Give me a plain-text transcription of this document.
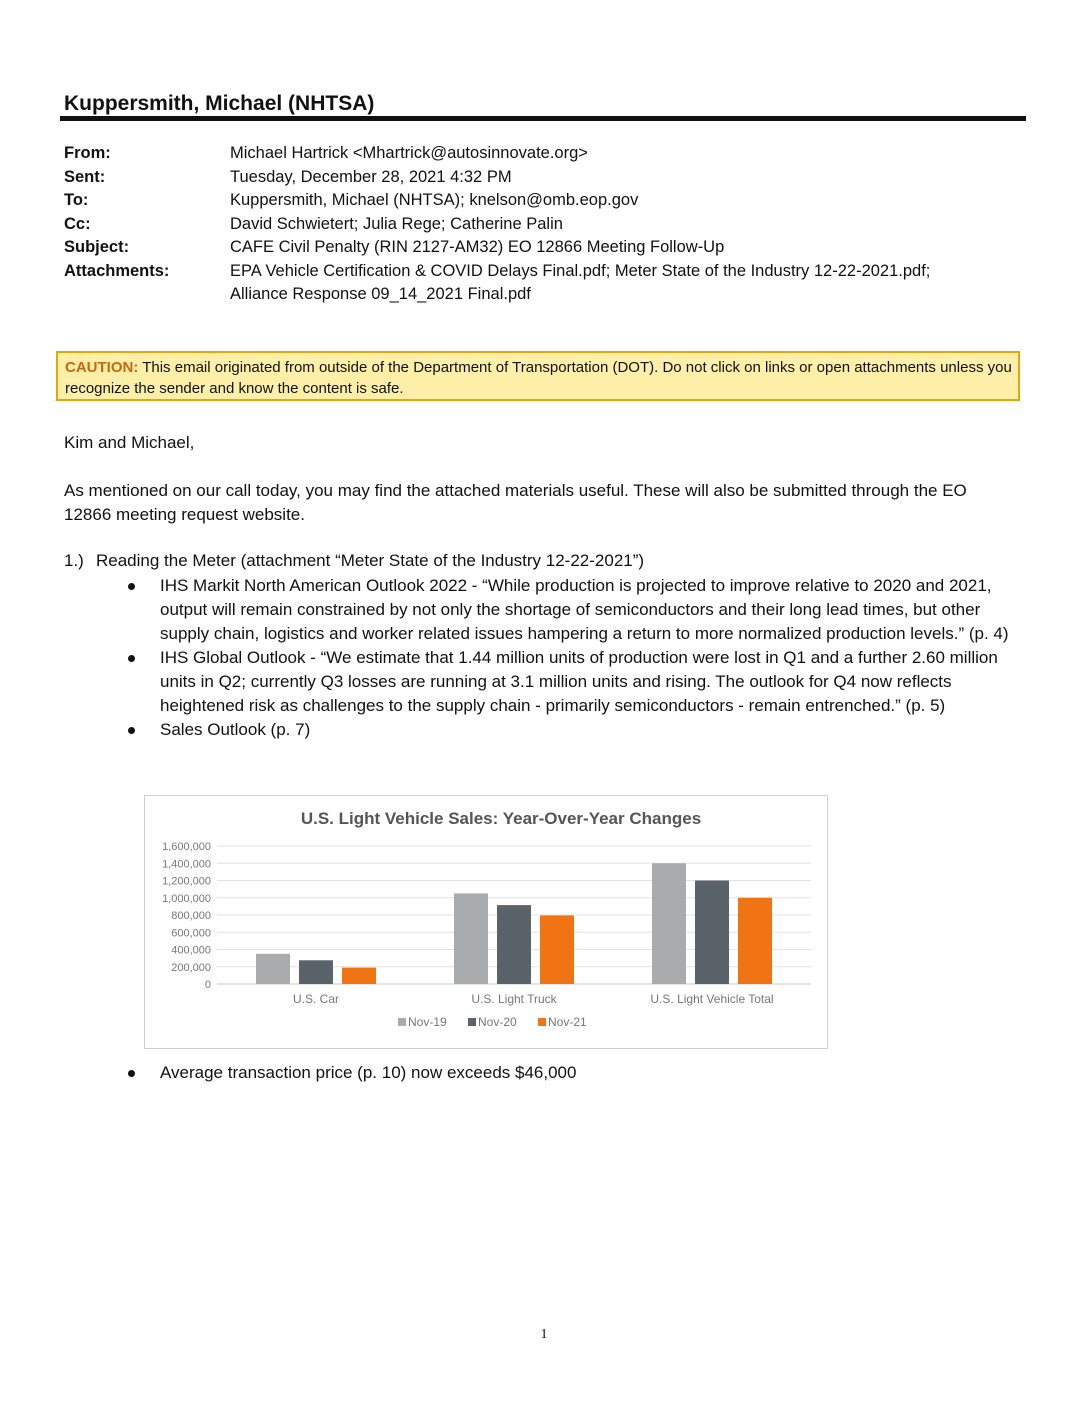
Kuppersmith, Michael (NHTSA)
From:	Michael Hartrick <Mhartrick@autosinnovate.org>
Sent:	Tuesday, December 28, 2021 4:32 PM
To:	Kuppersmith, Michael (NHTSA); knelson@omb.eop.gov
Cc:	David Schwietert; Julia Rege; Catherine Palin
Subject:	CAFE Civil Penalty (RIN 2127-AM32) EO 12866 Meeting Follow-Up
Attachments:	EPA Vehicle Certification & COVID Delays Final.pdf; Meter State of the Industry 12-22-2021.pdf;
Alliance Response 09_14_2021 Final.pdf
CAUTION: This email originated from outside of the Department of Transportation (DOT). Do not click on links or open attachments unless you recognize the sender and know the content is safe.
Kim and Michael,
As mentioned on our call today, you may find the attached materials useful. These will also be submitted through the EO 12866 meeting request website.
1.) Reading the Meter (attachment “Meter State of the Industry 12-22-2021”)
IHS Markit North American Outlook 2022 - “While production is projected to improve relative to 2020 and 2021, output will remain constrained by not only the shortage of semiconductors and their long lead times, but other supply chain, logistics and worker related issues hampering a return to more normalized production levels.” (p. 4)
IHS Global Outlook - “We estimate that 1.44 million units of production were lost in Q1 and a further 2.60 million units in Q2; currently Q3 losses are running at 3.1 million units and rising. The outlook for Q4 now reflects heightened risk as challenges to the supply chain - primarily semiconductors - remain entrenched.” (p. 5)
Sales Outlook (p. 7)
Average transaction price (p. 10) now exceeds $46,000
U.S. Light Vehicle Sales: Year-Over-Year Changes
1,600,000
1,400,000
1,200,000
1,000,000
800,000
600,000
400,000
200,000
0
U.S. Car	U.S. Light Truck	U.S. Light Vehicle Total
Nov-19	Nov-20	Nov-21
1
